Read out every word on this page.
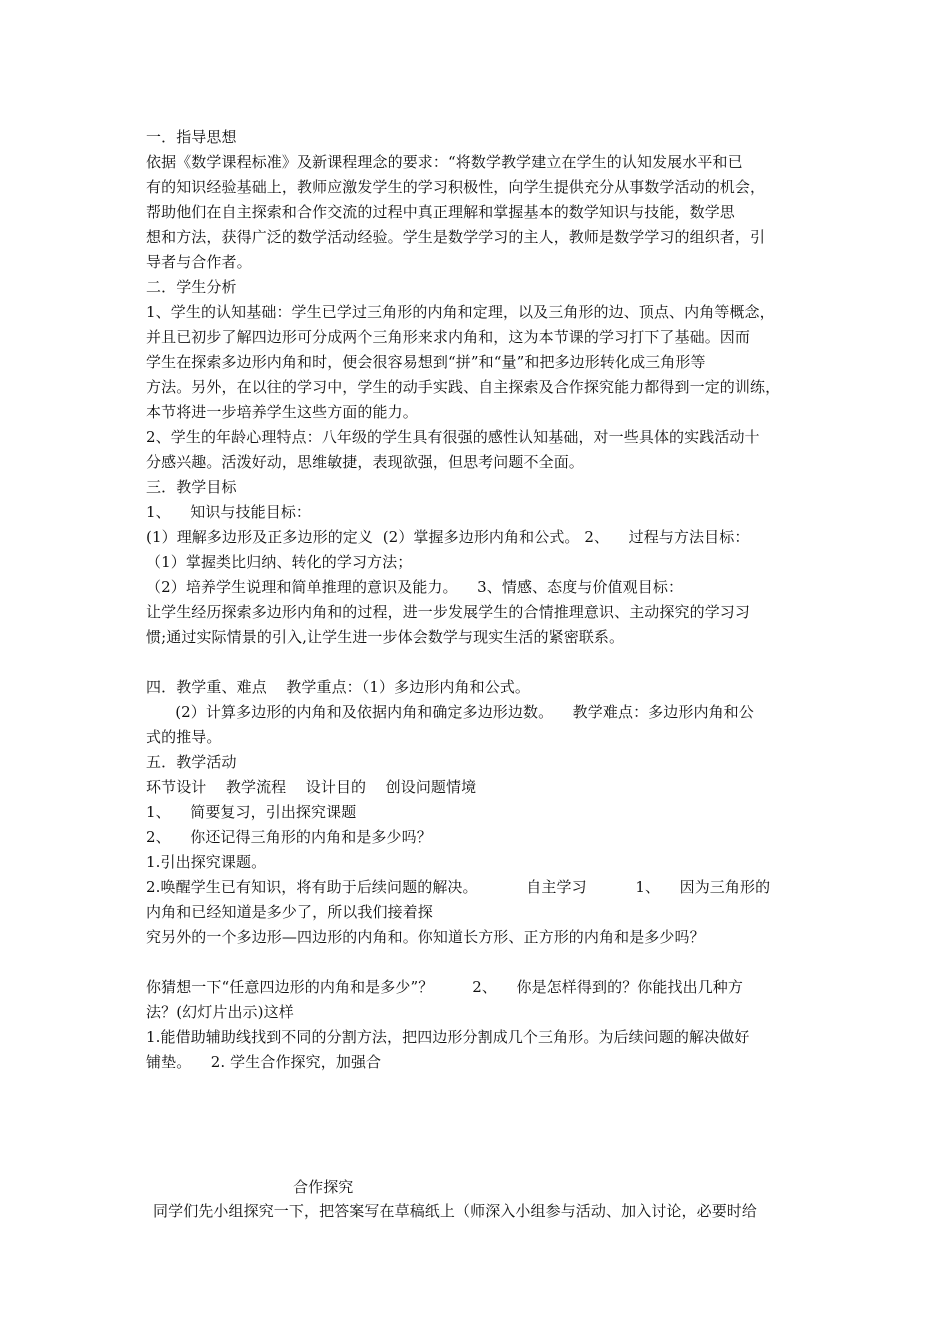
一．指导思想
依据《数学课程标准》及新课程理念的要求：“将数学教学建立在学生的认知发展水平和已
有的知识经验基础上，教师应激发学生的学习积极性，向学生提供充分从事数学活动的机会，
帮助他们在自主探索和合作交流的过程中真正理解和掌握基本的数学知识与技能，数学思
想和方法，获得广泛的数学活动经验。学生是数学学习的主人，教师是数学学习的组织者，引
导者与合作者。
二．学生分析
1、学生的认知基础：学生已学过三角形的内角和定理，以及三角形的边、顶点、内角等概念，
并且已初步了解四边形可分成两个三角形来求内角和，这为本节课的学习打下了基础。因而
学生在探索多边形内角和时，便会很容易想到“拼”和“量”和把多边形转化成三角形等
方法。另外，在以往的学习中，学生的动手实践、自主探索及合作探究能力都得到一定的训练，
本节将进一步培养学生这些方面的能力。
2、学生的年龄心理特点：八年级的学生具有很强的感性认知基础，对一些具体的实践活动十
分感兴趣。活泼好动，思维敏捷，表现欲强，但思考问题不全面。
三．教学目标
1、    知识与技能目标：
(1）理解多边形及正多边形的定义  (2）掌握多边形内角和公式。 2、    过程与方法目标：
（1）掌握类比归纳、转化的学习方法；
（2）培养学生说理和简单推理的意识及能力。    3、情感、态度与价值观目标：
让学生经历探索多边形内角和的过程，进一步发展学生的合情推理意识、主动探究的学习习
惯;通过实际情景的引入,让学生进一步体会数学与现实生活的紧密联系。
四．教学重、难点    教学重点：（1）多边形内角和公式。
(2）计算多边形的内角和及依据内角和确定多边形边数。    教学难点：多边形内角和公
式的推导。
五．教学活动
环节设计    教学流程    设计目的    创设问题情境
1、    简要复习，引出探究课题
2、    你还记得三角形的内角和是多少吗？
1.引出探究课题。
2.唤醒学生已有知识，将有助于后续问题的解决。          自主学习          1、    因为三角形的
内角和已经知道是多少了，所以我们接着探
究另外的一个多边形—四边形的内角和。你知道长方形、正方形的内角和是多少吗？
你猜想一下“任意四边形的内角和是多少”？        2、    你是怎样得到的？你能找出几种方
法？(幻灯片出示)这样
1.能借助辅助线找到不同的分割方法，把四边形分割成几个三角形。为后续问题的解决做好
铺垫。    2. 学生合作探究，加强合
合作探究
同学们先小组探究一下，把答案写在草稿纸上（师深入小组参与活动、加入讨论，必要时给
